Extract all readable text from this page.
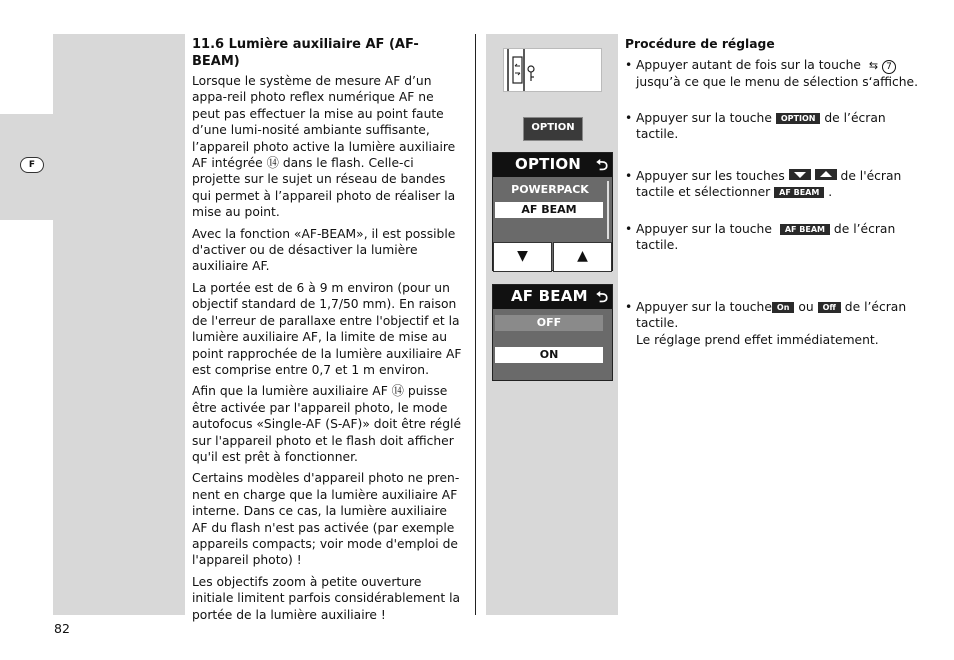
F
82
11.6 Lumière auxiliaire AF (AF-BEAM)

Lorsque le système de mesure AF d’un appa-reil photo reflex numérique AF ne peut pas effectuer la mise au point faute d’une lumi-nosité ambiante suffisante, l’appareil photo active la lumière auxiliaire AF intégrée ⑭ dans le flash. Celle-ci projette sur le sujet un réseau de bandes qui permet à l’appareil photo de réaliser la mise au point.

Avec la fonction «AF-BEAM», il est possible d'activer ou de désactiver la lumière auxiliaire AF.

La portée est de 6 à 9 m environ (pour un objectif standard de 1,7/50 mm). En raison de l'erreur de parallaxe entre l'objectif et la lumière auxiliaire AF, la limite de mise au point rapprochée de la lumière auxiliaire AF est comprise entre 0,7 et 1 m environ.

Afin que la lumière auxiliaire AF ⑭ puisse être activée par l'appareil photo, le mode autofocus «Single-AF (S-AF)» doit être réglé sur l'appareil photo et le flash doit afficher qu'il est prêt à fonctionner.

Certains modèles d'appareil photo ne pren-nent en charge que la lumière auxiliaire AF interne. Dans ce cas, la lumière auxiliaire AF du flash n'est pas activée (par exemple appareils compacts; voir mode d'emploi de l'appareil photo) !

Les objectifs zoom à petite ouverture initiale limitent parfois considérablement la portée de la lumière auxiliaire !

OPTION
OPTION ⮌
POWERPACK
AF BEAM
▼	▲
AF BEAM ⮌
OFF
ON
Procédure de réglage
• Appuyer autant de fois sur la touche ⇆ 7 jusqu’à ce que le menu de sélection s‘affiche.
• Appuyer sur la touche OPTION de l’écran tactile.
• Appuyer sur les touches
	de l'écran tactile et sélectionner AF BEAM .
• Appuyer sur la touche AF BEAM de l’écran tactile.
• Appuyer sur la touche On ou Off de l’écran tactile.
Le réglage prend effet immédiatement.
